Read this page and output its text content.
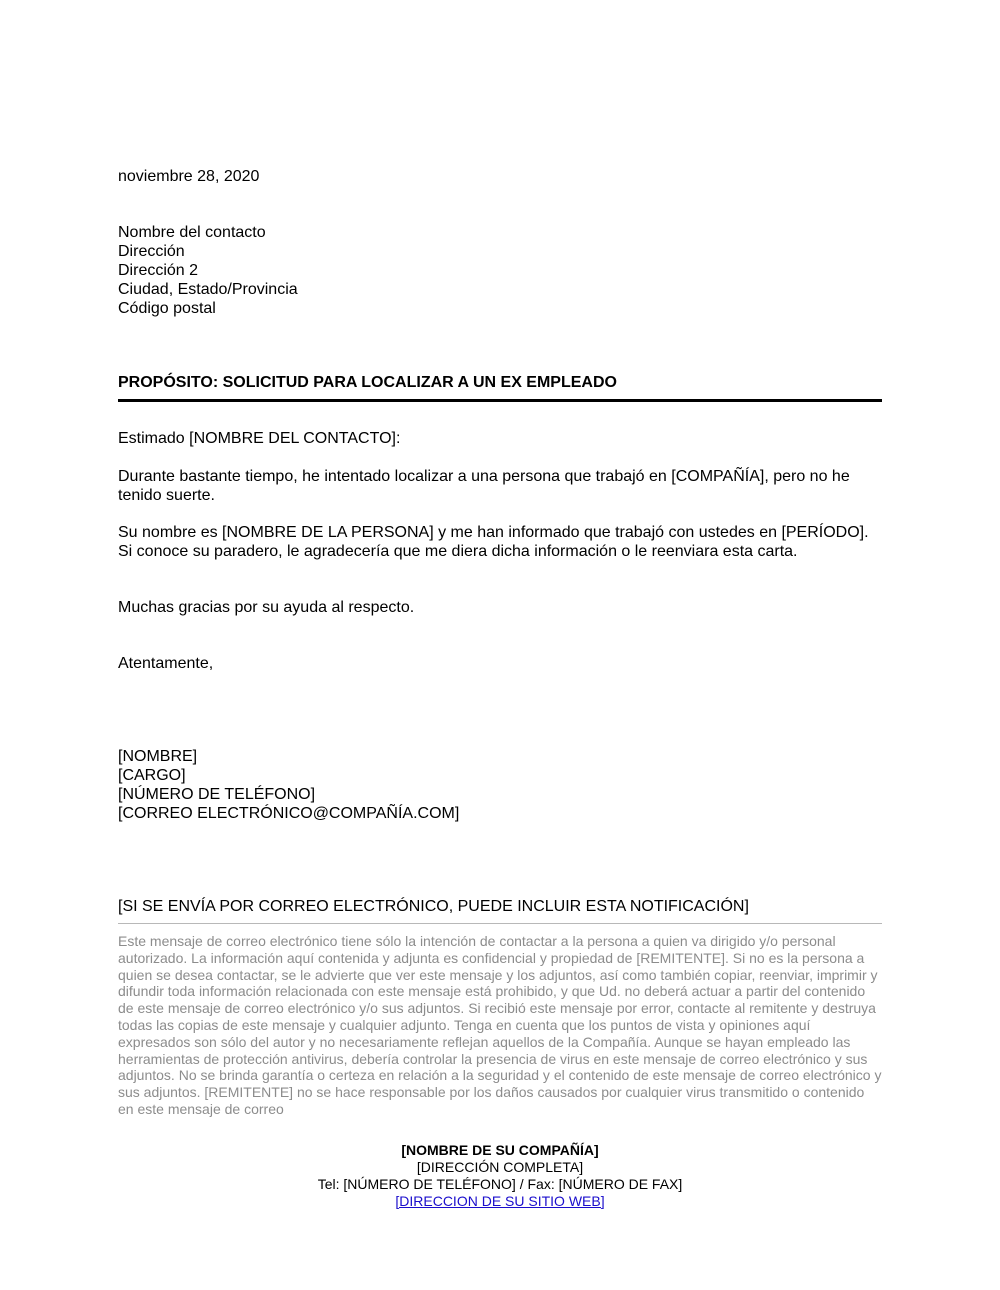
noviembre 28, 2020
Nombre del contacto
Dirección
Dirección 2
Ciudad, Estado/Provincia
Código postal
PROPÓSITO: SOLICITUD PARA LOCALIZAR A UN EX EMPLEADO
Estimado [NOMBRE DEL CONTACTO]:

Durante bastante tiempo, he intentado localizar a una persona que trabajó en [COMPAÑÍA], pero no he tenido suerte.

Su nombre es [NOMBRE DE LA PERSONA] y me han informado que trabajó con ustedes en [PERÍODO]. Si conoce su paradero, le agradecería que me diera dicha información o le reenviara esta carta.

Muchas gracias por su ayuda al respecto.

Atentamente,
[NOMBRE]
[CARGO]
[NÚMERO DE TELÉFONO]
[CORREO ELECTRÓNICO@COMPAÑÍA.COM]
[SI SE ENVÍA POR CORREO ELECTRÓNICO, PUEDE INCLUIR ESTA NOTIFICACIÓN]

Este mensaje de correo electrónico tiene sólo la intención de contactar a la persona a quien va dirigido y/o personal autorizado. La información aquí contenida y adjunta es confidencial y propiedad de [REMITENTE]. Si no es la persona a quien se desea contactar, se le advierte que ver este mensaje y los adjuntos, así como también copiar, reenviar, imprimir y difundir toda información relacionada con este mensaje está prohibido, y que Ud. no deberá actuar a partir del contenido de este mensaje de correo electrónico y/o sus adjuntos. Si recibió este mensaje por error, contacte al remitente y destruya todas las copias de este mensaje y cualquier adjunto. Tenga en cuenta que los puntos de vista y opiniones aquí expresados son sólo del autor y no necesariamente reflejan aquellos de la Compañía. Aunque se hayan empleado las herramientas de protección antivirus, debería controlar la presencia de virus en este mensaje de correo electrónico y sus adjuntos. No se brinda garantía o certeza en relación a la seguridad y el contenido de este mensaje de correo electrónico y sus adjuntos. [REMITENTE] no se hace responsable por los daños causados por cualquier virus transmitido o contenido en este mensaje de correo

[NOMBRE DE SU COMPAÑÍA]
[DIRECCIÓN COMPLETA]
Tel: [NÚMERO DE TELÉFONO] / Fax: [NÚMERO DE FAX]
[DIRECCION DE SU SITIO WEB]
